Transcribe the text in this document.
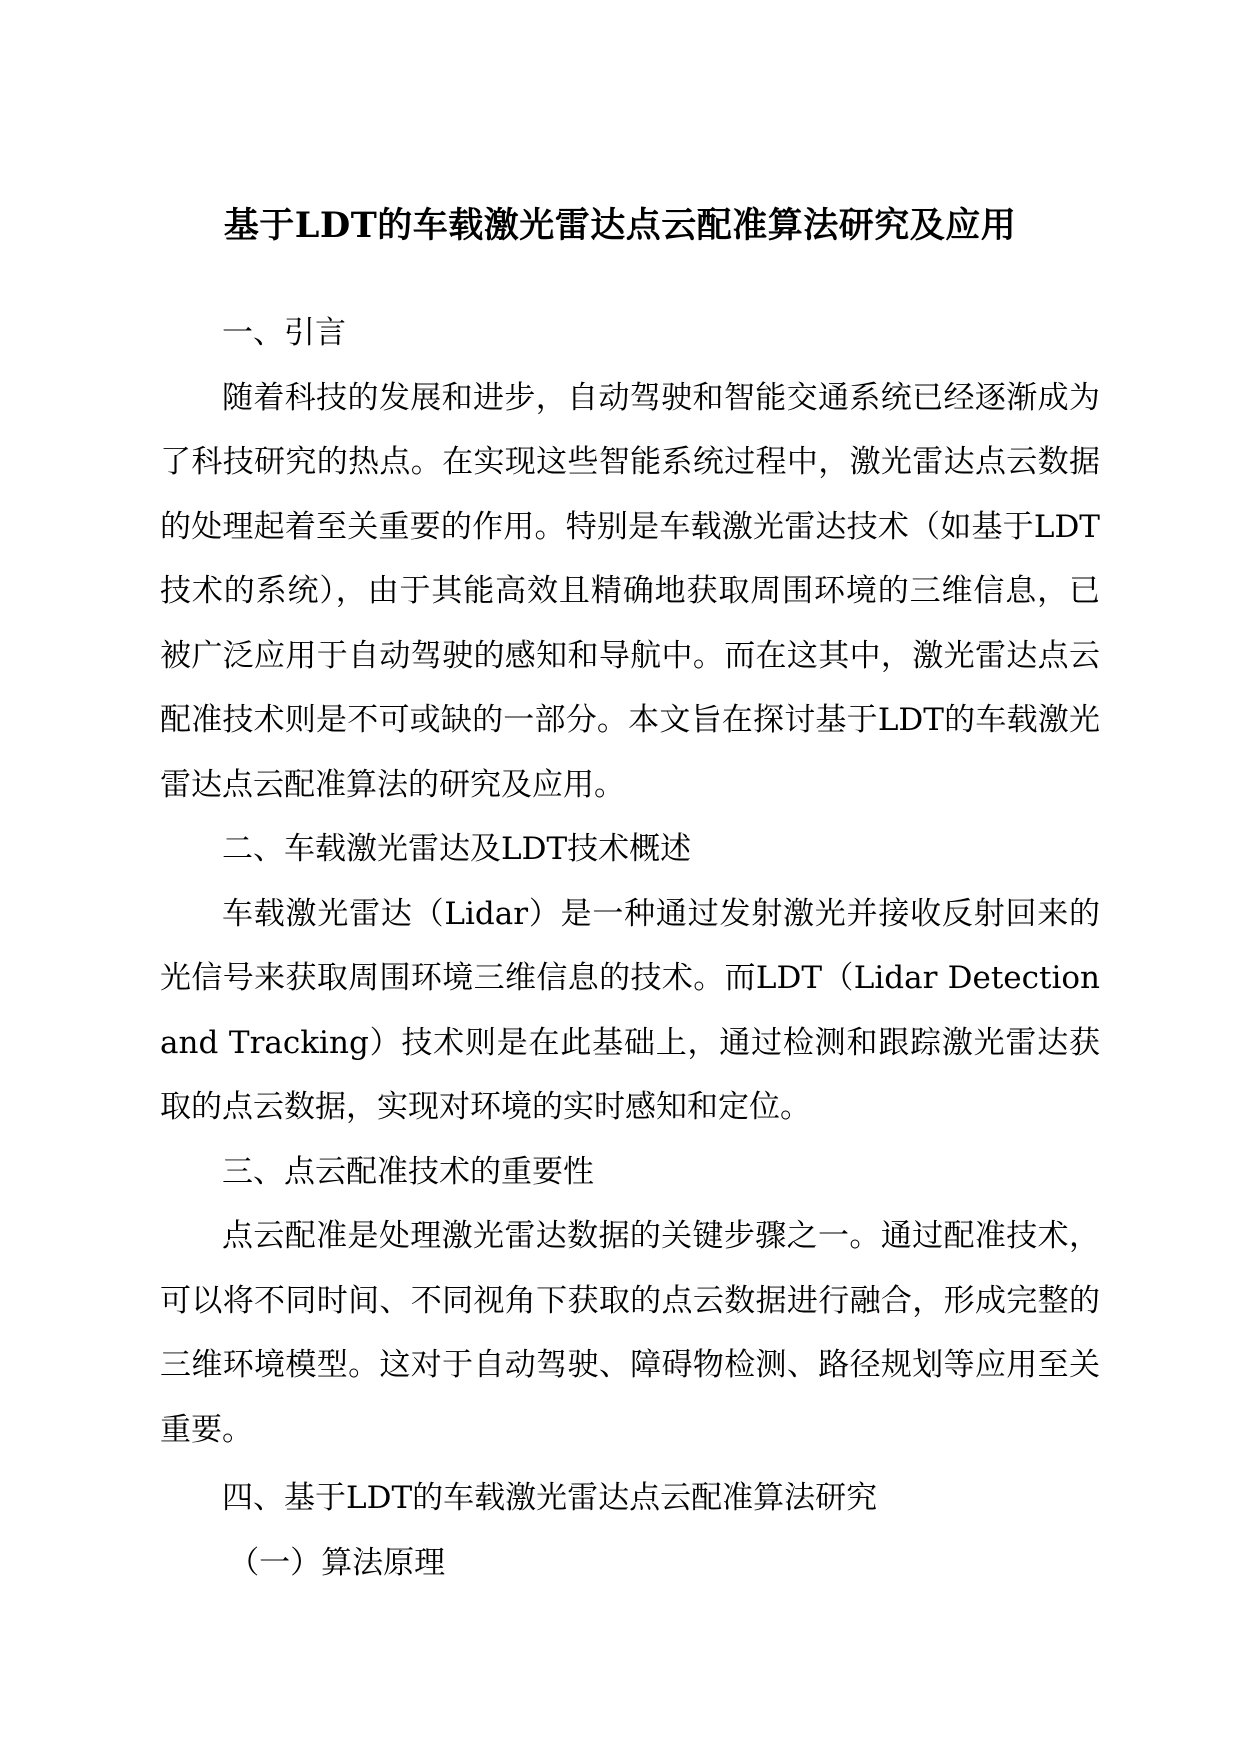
基于LDT的车载激光雷达点云配准算法研究及应用

一、引言

随着科技的发展和进步，自动驾驶和智能交通系统已经逐渐成为了科技研究的热点。在实现这些智能系统过程中，激光雷达点云数据的处理起着至关重要的作用。特别是车载激光雷达技术（如基于LDT技术的系统），由于其能高效且精确地获取周围环境的三维信息，已被广泛应用于自动驾驶的感知和导航中。而在这其中，激光雷达点云配准技术则是不可或缺的一部分。本文旨在探讨基于LDT的车载激光雷达点云配准算法的研究及应用。

二、车载激光雷达及LDT技术概述

车载激光雷达（Lidar）是一种通过发射激光并接收反射回来的光信号来获取周围环境三维信息的技术。而LDT（Lidar Detection and Tracking）技术则是在此基础上，通过检测和跟踪激光雷达获取的点云数据，实现对环境的实时感知和定位。

三、点云配准技术的重要性

点云配准是处理激光雷达数据的关键步骤之一。通过配准技术，可以将不同时间、不同视角下获取的点云数据进行融合，形成完整的三维环境模型。这对于自动驾驶、障碍物检测、路径规划等应用至关重要。

四、基于LDT的车载激光雷达点云配准算法研究

（一）算法原理
